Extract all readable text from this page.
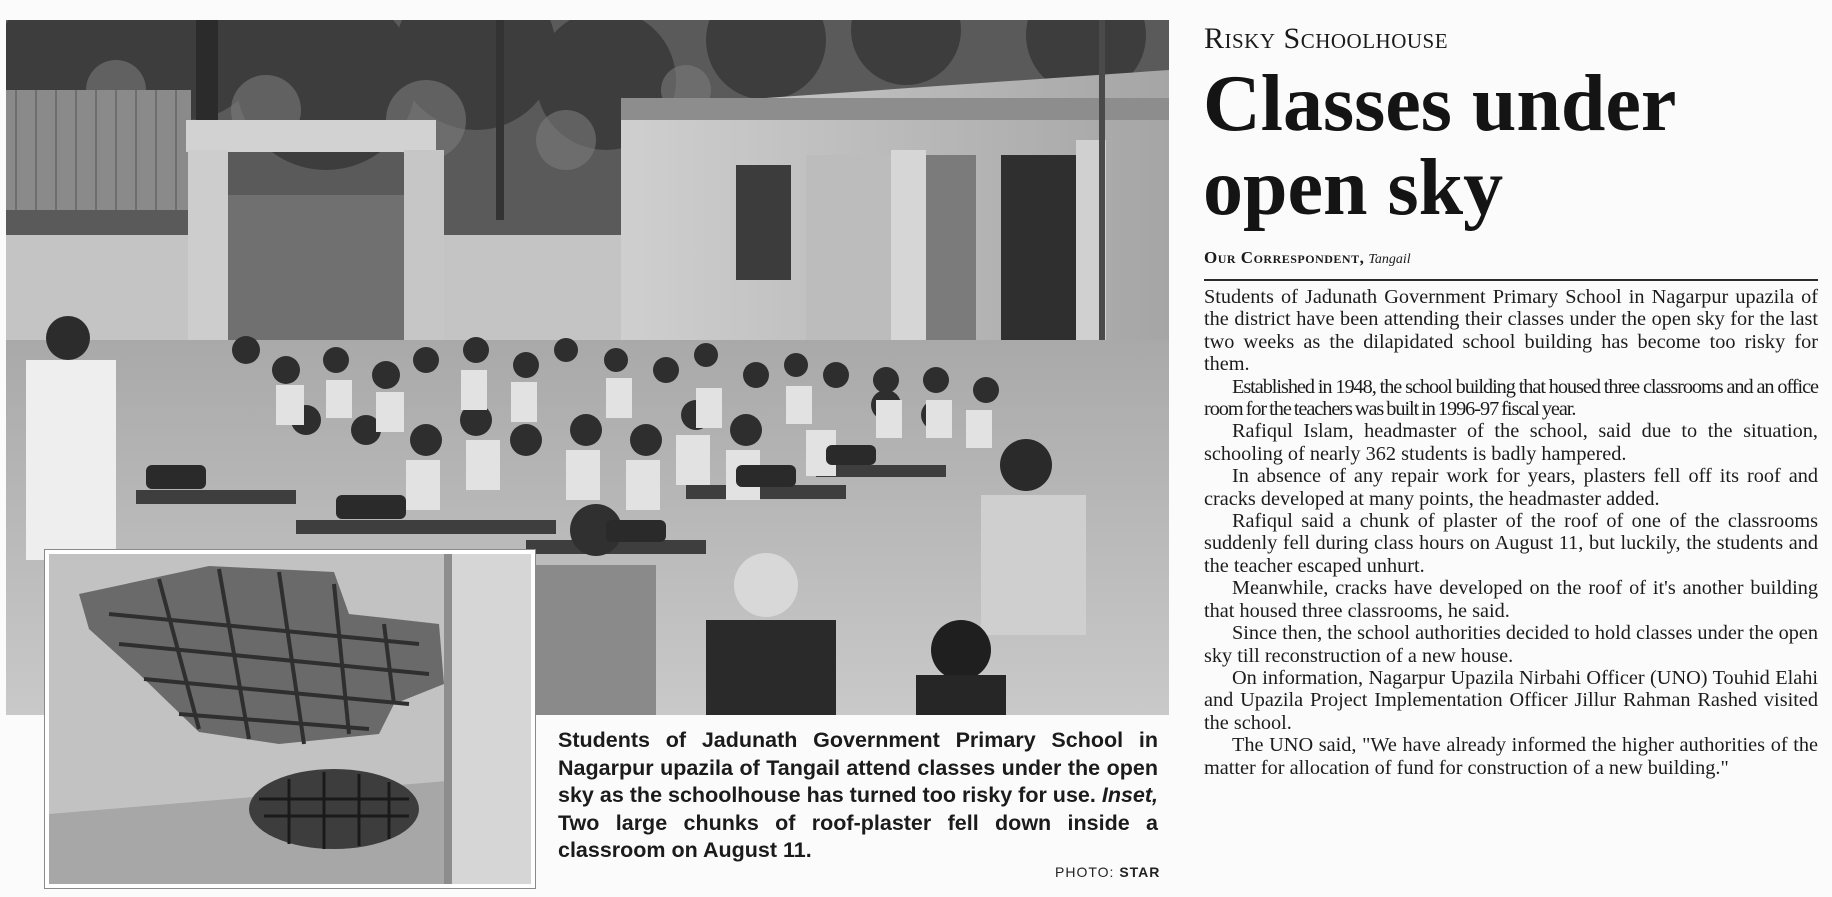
Students of Jadunath Government Primary School in Nagarpur upazila of Tangail attend classes under the open sky as the schoolhouse has turned too risky for use. Inset, Two large chunks of roof-plaster fell down inside a classroom on August 11.

PHOTO: STAR
Risky Schoolhouse
Classes under open sky
Our Correspondent, Tangail

Students of Jadunath Government Primary School in Nagarpur upazila of the district have been attending their classes under the open sky for the last two weeks as the dilapidated school building has become too risky for them.

Established in 1948, the school building that housed three classrooms and an office room for the teachers was built in 1996-97 fiscal year.

Rafiqul Islam, headmaster of the school, said due to the situation, schooling of nearly 362 students is badly hampered.

In absence of any repair work for years, plasters fell off its roof and cracks developed at many points, the headmaster added.

Rafiqul said a chunk of plaster of the roof of one of the classrooms suddenly fell during class hours on August 11, but luckily, the students and the teacher escaped unhurt.

Meanwhile, cracks have developed on the roof of it's another building that housed three classrooms, he said.

Since then, the school authorities decided to hold classes under the open sky till reconstruction of a new house.

On information, Nagarpur Upazila Nirbahi Officer (UNO) Touhid Elahi and Upazila Project Implementation Officer Jillur Rahman Rashed visited the school.

The UNO said, "We have already informed the higher authorities of the matter for allocation of fund for construction of a new building."
